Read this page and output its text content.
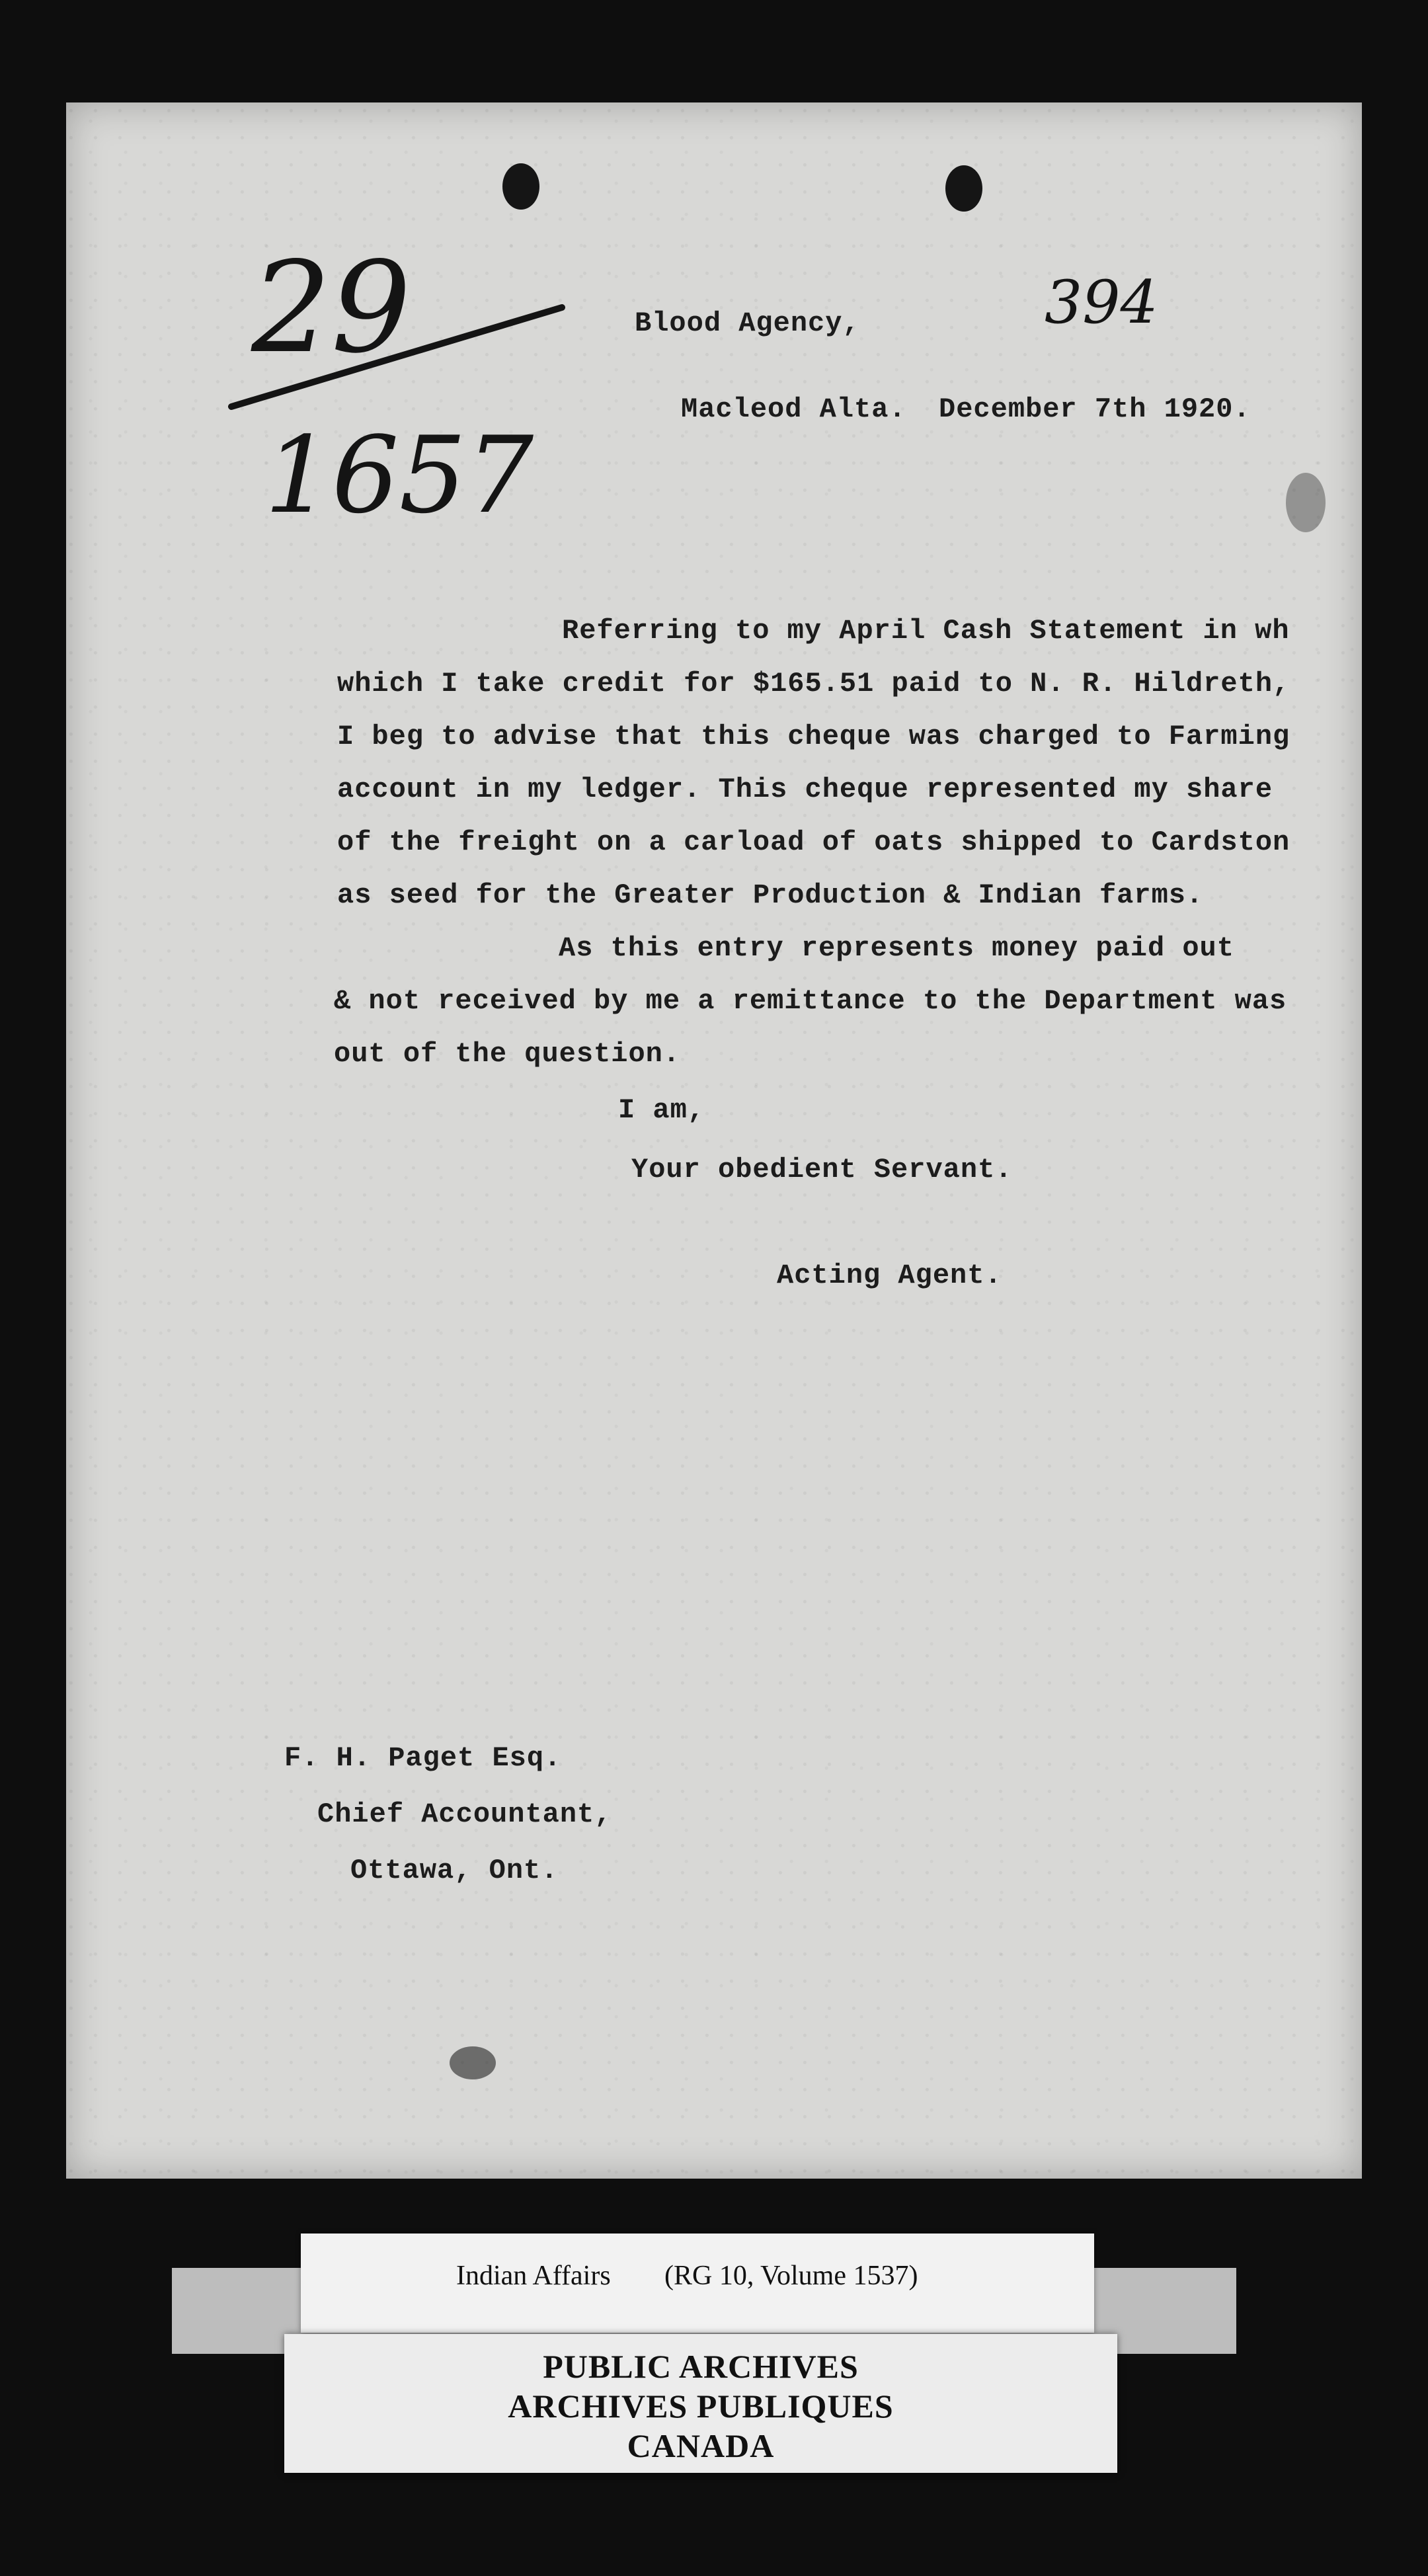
29
1657
394
Blood Agency,
Macleod Alta. December 7th 1920.
Referring to my April Cash Statement in wh
which I take credit for $165.51 paid to N. R. Hildreth,
I beg to advise that this cheque was charged to Farming
account in my ledger. This cheque represented my share
of the freight on a carload of oats shipped to Cardston
as seed for the Greater Production & Indian farms.
As this entry represents money paid out
& not received by me a remittance to the Department was
out of the question.
I am,
Your obedient Servant.
Acting Agent.
F. H. Paget Esq.
Chief Accountant,
Ottawa, Ont.
Indian Affairs (RG 10, Volume 1537)
PUBLIC ARCHIVES
ARCHIVES PUBLIQUES
CANADA
